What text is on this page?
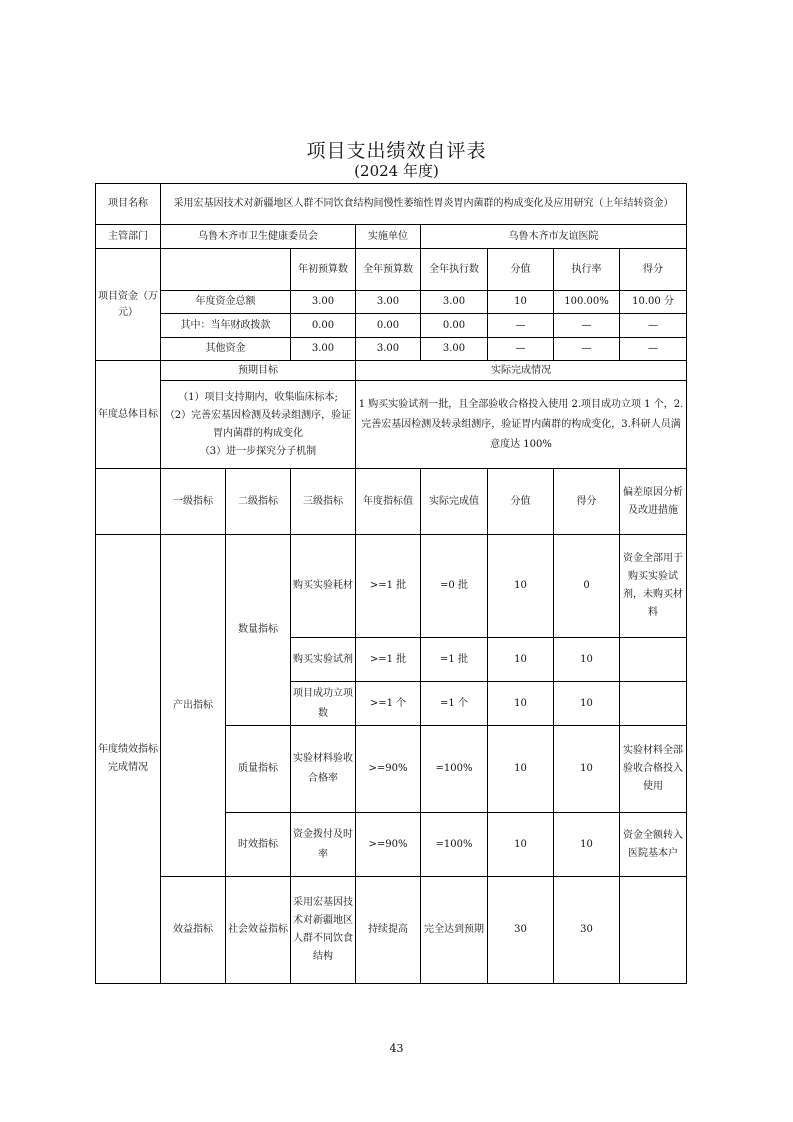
项目支出绩效自评表
(2024 年度)
项目名称	采用宏基因技术对新疆地区人群不同饮食结构间慢性萎缩性胃炎胃内菌群的构成变化及应用研究（上年结转资金）							
主管部门	乌鲁木齐市卫生健康委员会			实施单位	乌鲁木齐市友谊医院			
项目资金（万元）			年初预算数	全年预算数	全年执行数	分值	执行率	得分
	年度资金总额		3.00	3.00	3.00	10	100.00%	10.00 分
	其中：当年财政拨款		0.00	0.00	0.00	—	—	—
	其他资金		3.00	3.00	3.00	—	—	—
年度总体目标	预期目标			实际完成情况				

	（1）项目支持期内，收集临床标本;
（2）完善宏基因检测及转录组测序，验证胃内菌群的构成变化
（3）进一步探究分子机制			1 购买实验试剂一批，且全部验收合格投入使用 2.项目成功立项 1 个，2.完善宏基因检测及转录组测序，验证胃内菌群的构成变化，3.科研人员满意度达 100%				
	一级指标	二级指标	三级指标	年度指标值	实际完成值	分值	得分	偏差原因分析及改进措施
年度绩效指标完成情况	产出指标	数量指标	购买实验耗材	>=1 批	=0 批	10	0	资金全部用于购买实验试剂，未购买材料
			购买实验试剂	>=1 批	=1 批	10	10	
			项目成功立项数	>=1 个	=1 个	10	10	
		质量指标	实验材料验收合格率	>=90%	=100%	10	10	实验材料全部验收合格投入使用
		时效指标	资金拨付及时率	>=90%	=100%	10	10	资金全额转入医院基本户
	效益指标	社会效益指标	采用宏基因技术对新疆地区人群不同饮食结构	持续提高	完全达到预期	30	30	
43
